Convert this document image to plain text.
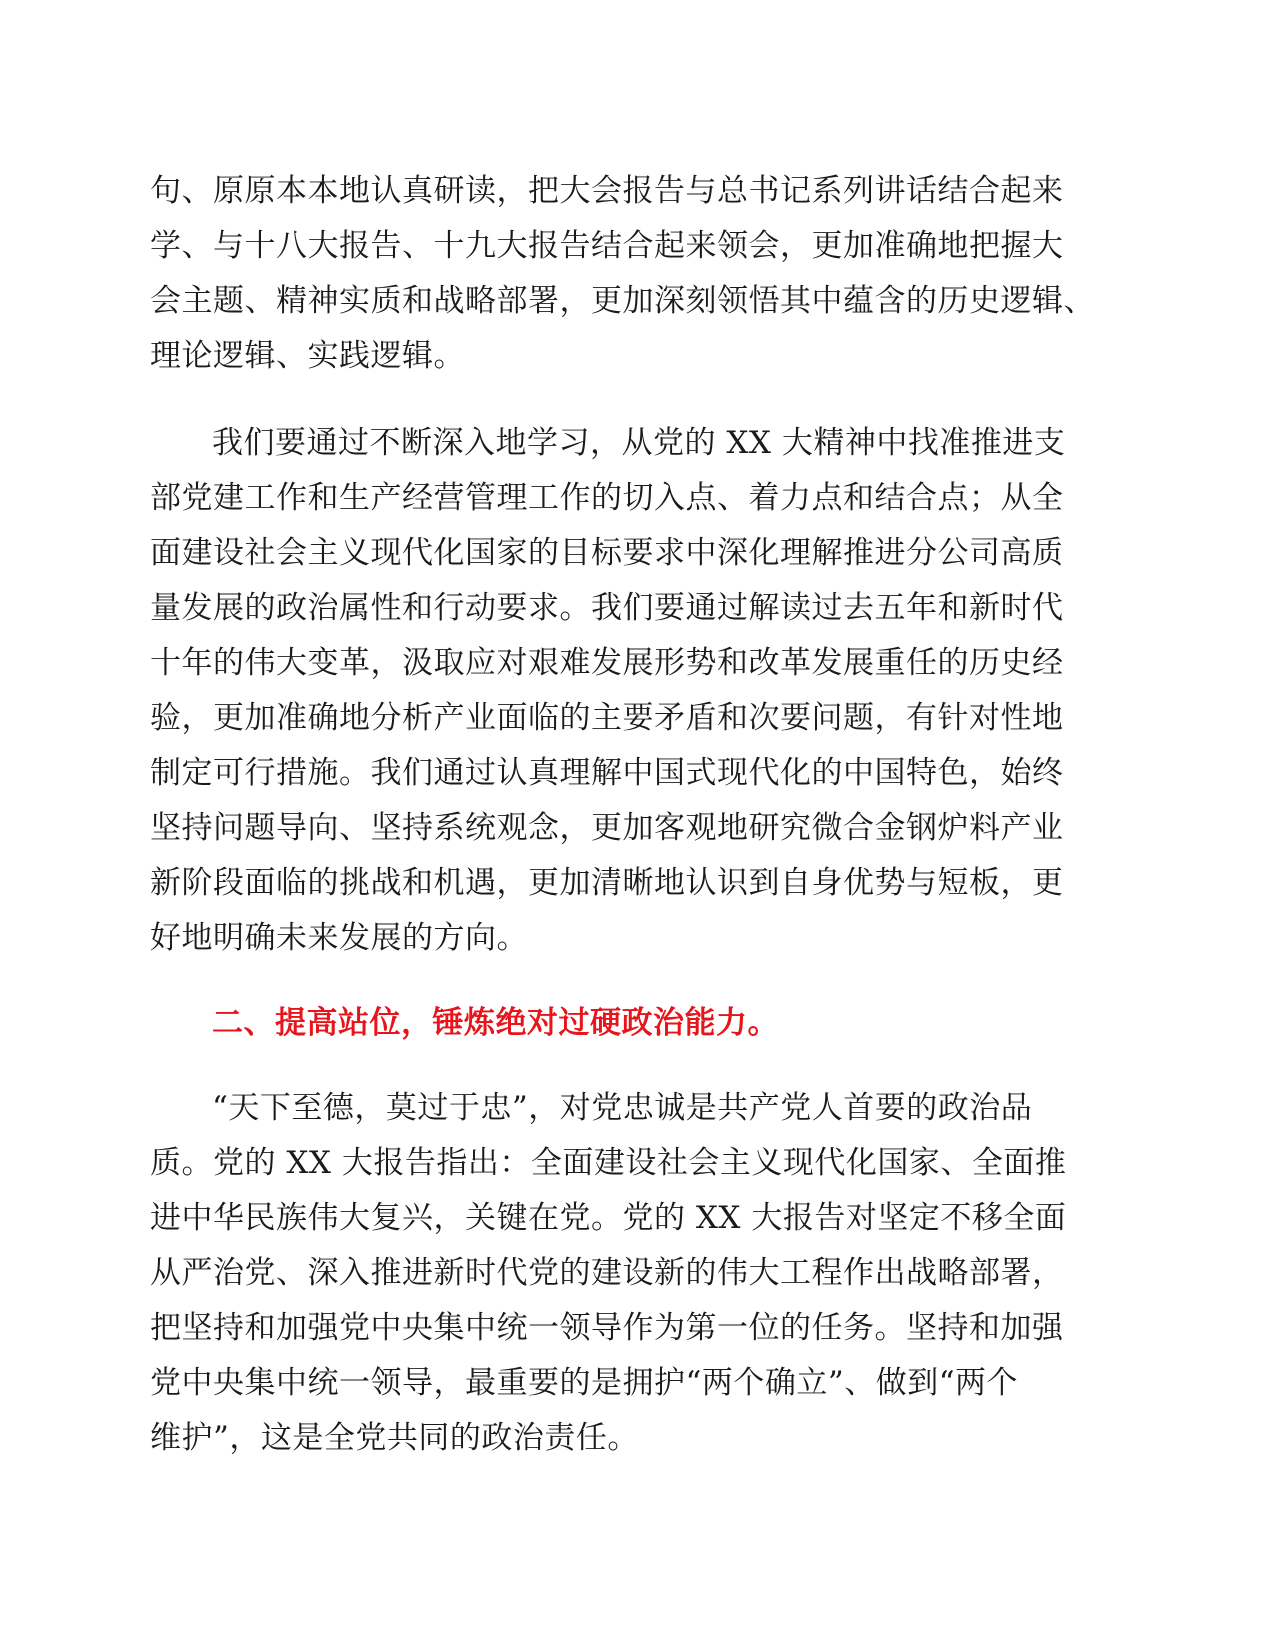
句、原原本本地认真研读，把大会报告与总书记系列讲话结合起来
学、与十八大报告、十九大报告结合起来领会，更加准确地把握大
会主题、精神实质和战略部署，更加深刻领悟其中蕴含的历史逻辑、
理论逻辑、实践逻辑。
我们要通过不断深入地学习，从党的 XX 大精神中找准推进支
部党建工作和生产经营管理工作的切入点、着力点和结合点；从全
面建设社会主义现代化国家的目标要求中深化理解推进分公司高质
量发展的政治属性和行动要求。我们要通过解读过去五年和新时代
十年的伟大变革，汲取应对艰难发展形势和改革发展重任的历史经
验，更加准确地分析产业面临的主要矛盾和次要问题，有针对性地
制定可行措施。我们通过认真理解中国式现代化的中国特色，始终
坚持问题导向、坚持系统观念，更加客观地研究微合金钢炉料产业
新阶段面临的挑战和机遇，更加清晰地认识到自身优势与短板，更
好地明确未来发展的方向。
二、提高站位，锤炼绝对过硬政治能力。
“天下至德，莫过于忠”，对党忠诚是共产党人首要的政治品
质。党的 XX 大报告指出：全面建设社会主义现代化国家、全面推
进中华民族伟大复兴，关键在党。党的 XX 大报告对坚定不移全面
从严治党、深入推进新时代党的建设新的伟大工程作出战略部署，
把坚持和加强党中央集中统一领导作为第一位的任务。坚持和加强
党中央集中统一领导，最重要的是拥护“两个确立”、做到“两个
维护”，这是全党共同的政治责任。
